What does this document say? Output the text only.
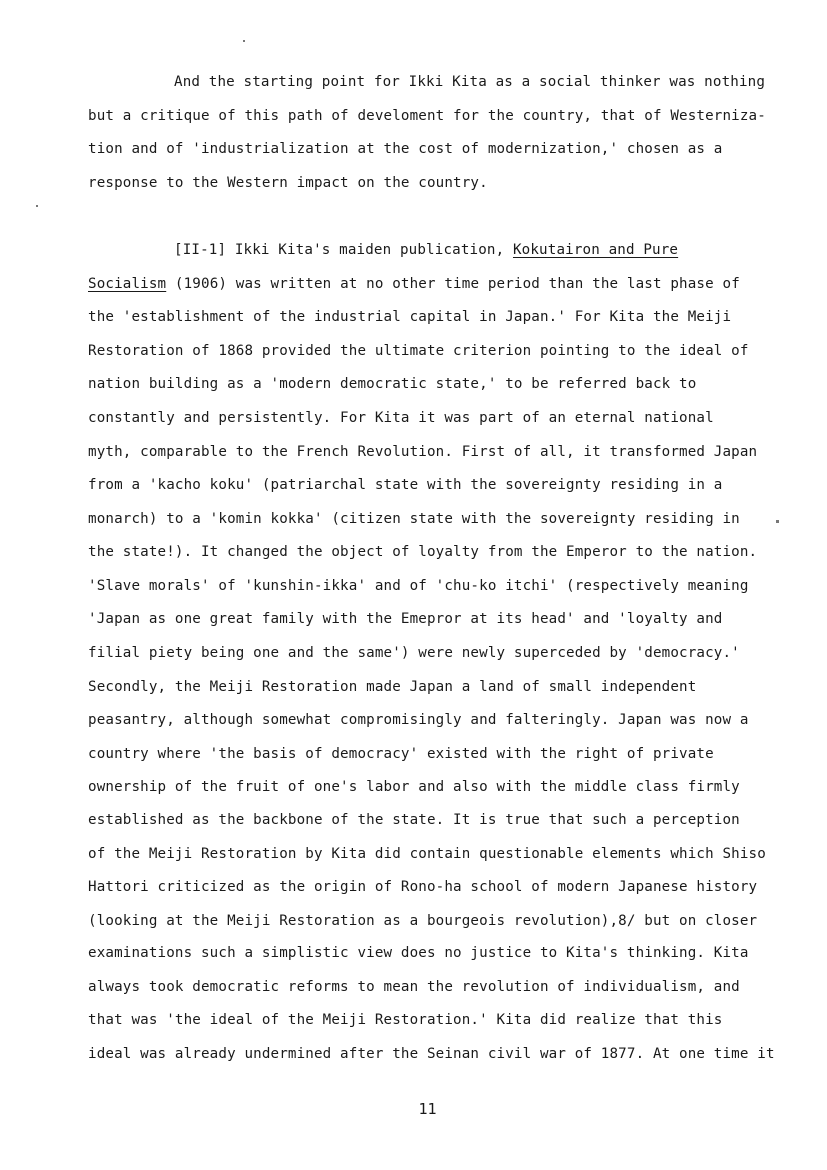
And the starting point for Ikki Kita as a social thinker was nothing
but a critique of this path of develoment for the country, that of Westerniza-
tion and of 'industrialization at the cost of modernization,' chosen as a
response to the Western impact on the country.
[II-1] Ikki Kita's maiden publication, Kokutairon and Pure
Socialism (1906) was written at no other time period than the last phase of
the 'establishment of the industrial capital in Japan.' For Kita the Meiji
Restoration of 1868 provided the ultimate criterion pointing to the ideal of
nation building as a 'modern democratic state,' to be referred back to
constantly and persistently. For Kita it was part of an eternal national
myth, comparable to the French Revolution. First of all, it transformed Japan
from a 'kacho koku' (patriarchal state with the sovereignty residing in a
monarch) to a 'komin kokka' (citizen state with the sovereignty residing in
the state!). It changed the object of loyalty from the Emperor to the nation.
'Slave morals' of 'kunshin-ikka' and of 'chu-ko itchi' (respectively meaning
'Japan as one great family with the Emepror at its head' and 'loyalty and
filial piety being one and the same') were newly superceded by 'democracy.'
Secondly, the Meiji Restoration made Japan a land of small independent
peasantry, although somewhat compromisingly and falteringly. Japan was now a
country where 'the basis of democracy' existed with the right of private
ownership of the fruit of one's labor and also with the middle class firmly
established as the backbone of the state. It is true that such a perception
of the Meiji Restoration by Kita did contain questionable elements which Shiso
Hattori criticized as the origin of Rono-ha school of modern Japanese history
(looking at the Meiji Restoration as a bourgeois revolution),8/ but on closer
examinations such a simplistic view does no justice to Kita's thinking. Kita
always took democratic reforms to mean the revolution of individualism, and
that was 'the ideal of the Meiji Restoration.' Kita did realize that this
ideal was already undermined after the Seinan civil war of 1877. At one time it
11
